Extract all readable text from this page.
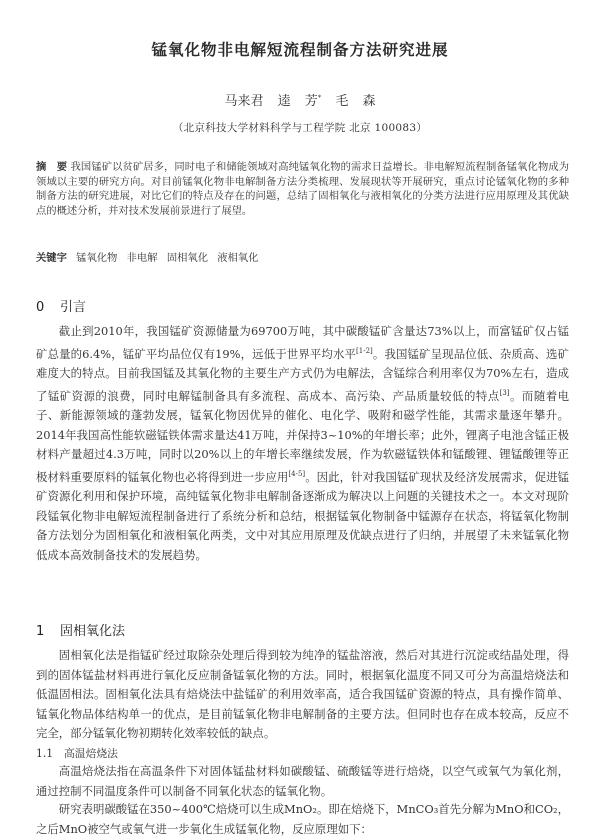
锰氧化物非电解短流程制备方法研究进展
马来君 逵 芳* 毛 森
（北京科技大学材料科学与工程学院 北京 100083）
摘　要 我国锰矿以贫矿居多，同时电子和储能领域对高纯锰氧化物的需求日益增长。非电解短流程制备锰氧化物成为领域以主要的研究方向。对目前锰氧化物非电解制备方法分类梳理、发展现状等开展研究，重点讨论锰氧化物的多种制备方法的研究进展，对比它们的特点及存在的问题，总结了固相氧化与液相氧化的分类方法进行应用原理及其优缺点的概述分析，并对技术发展前景进行了展望。
关键字 锰氧化物 非电解 固相氧化 液相氧化
0 引言
截止到2010年，我国锰矿资源储量为69700万吨，其中碳酸锰矿含量达73%以上，而富锰矿仅占锰矿总量的6.4%，锰矿平均品位仅有19%，远低于世界平均水平[1-2]。我国锰矿呈现品位低、杂质高、选矿难度大的特点。目前我国锰及其氧化物的主要生产方式仍为电解法，含锰综合利用率仅为70%左右，造成了锰矿资源的浪费，同时电解锰制备具有多流程、高成本、高污染、产品质量较低的特点[3]。而随着电子、新能源领域的蓬勃发展，锰氧化物因优异的催化、电化学、吸附和磁学性能，其需求量逐年攀升。2014年我国高性能软磁锰铁体需求量达41万吨，并保持3~10%的年增长率；此外，锂离子电池含锰正极材料产量超过4.3万吨，同时以20%以上的年增长率继续发展，作为软磁锰铁体和锰酸锂、锂锰酸锂等正极材料重要原料的锰氧化物也必将得到进一步应用[4-5]。因此，针对我国锰矿现状及经济发展需求，促进锰矿资源化利用和保护环境，高纯锰氧化物非电解制备逐渐成为解决以上问题的关键技术之一。本文对现阶段锰氧化物非电解短流程制备进行了系统分析和总结，根据锰氧化物制备中锰源存在状态，将锰氧化物制备方法划分为固相氧化和液相氧化两类，文中对其应用原理及优缺点进行了归纳，并展望了未来锰氧化物低成本高效制备技术的发展趋势。
1 固相氧化法
固相氧化法是指锰矿经过取除杂处理后得到较为纯净的锰盐溶液，然后对其进行沉淀或结晶处理，得到的固体锰盐材料再进行氧化反应制备锰氧化物的方法。同时，根据氧化温度不同又可分为高温焙烧法和低温固相法。固相氧化法具有焙烧法中盐锰矿的利用效率高，适合我国锰矿资源的特点，具有操作简单、锰氧化物品体结构单一的优点，是目前锰氧化物非电解制备的主要方法。但同时也存在成本较高，反应不完全，部分锰氧化物初期转化效率较低的缺点。
1.1 高温焙烧法
高温焙烧法指在高温条件下对固体锰盐材料如碳酸锰、硫酸锰等进行焙烧，以空气或氧气为氧化剂，通过控制不同温度条件可以制备不同氧化状态的锰氧化物。
研究表明碳酸锰在350~400℃焙烧可以生成MnO₂。即在焙烧下，MnCO₃首先分解为MnO和CO₂，之后MnO被空气或氧气进一步氧化生成锰氧化物，反应原理如下：
